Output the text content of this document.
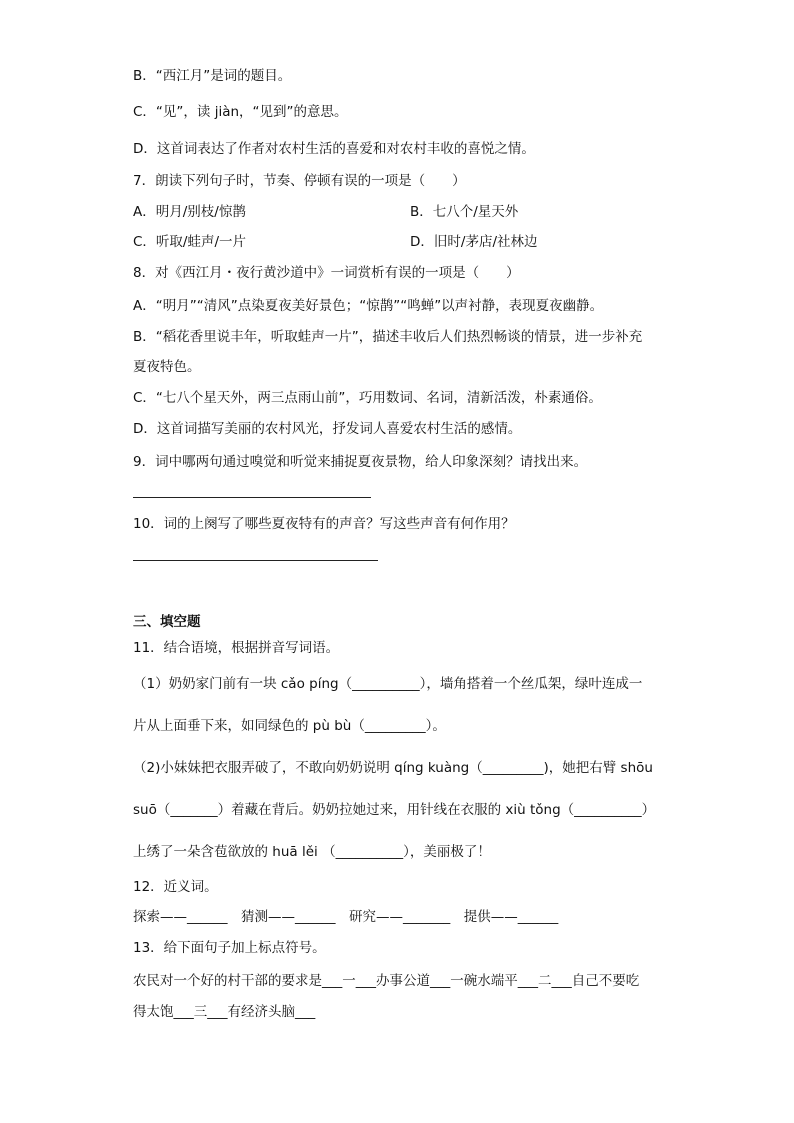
B．“西江月”是词的题目。
C．“见”，读 jiàn，“见到”的意思。
D．这首词表达了作者对农村生活的喜爱和对农村丰收的喜悦之情。
7．朗读下列句子时，节奏、停顿有误的一项是（　　）
A．明月/别枝/惊鹊	B．七八个/星天外
C．听取/蛙声/一片	D．旧时/茅店/社林边
8．对《西江月・夜行黄沙道中》一词赏析有误的一项是（　　）
A．“明月”“清风”点染夏夜美好景色；“惊鹊”“鸣蝉”以声衬静，表现夏夜幽静。
B．“稻花香里说丰年，听取蛙声一片”，描述丰收后人们热烈畅谈的情景，进一步补充
夏夜特色。
C．“七八个星天外，两三点雨山前”，巧用数词、名词，清新活泼，朴素通俗。
D．这首词描写美丽的农村风光，抒发词人喜爱农村生活的感情。
9．词中哪两句通过嗅觉和听觉来捕捉夏夜景物，给人印象深刻？请找出来。
10．词的上阕写了哪些夏夜特有的声音？写这些声音有何作用？
三、填空题
11．结合语境，根据拼音写词语。
（1）奶奶家门前有一块 cǎo píng（__________），墙角搭着一个丝瓜架，绿叶连成一
片从上面垂下来，如同绿色的 pù bù（_________）。
（2)小妹妹把衣服弄破了，不敢向奶奶说明 qíng kuàng（_________)，她把右臂 shōu
suō（_______）着藏在背后。奶奶拉她过来，用针线在衣服的 xiù tǒng（__________）
上绣了一朵含苞欲放的 huā lěi （__________），美丽极了！
12．近义词。
探索——______　猜测——______　研究——_______　提供——______
13．给下面句子加上标点符号。
农民对一个好的村干部的要求是___一___办事公道___一碗水端平___二___自己不要吃
得太饱___三___有经济头脑___
